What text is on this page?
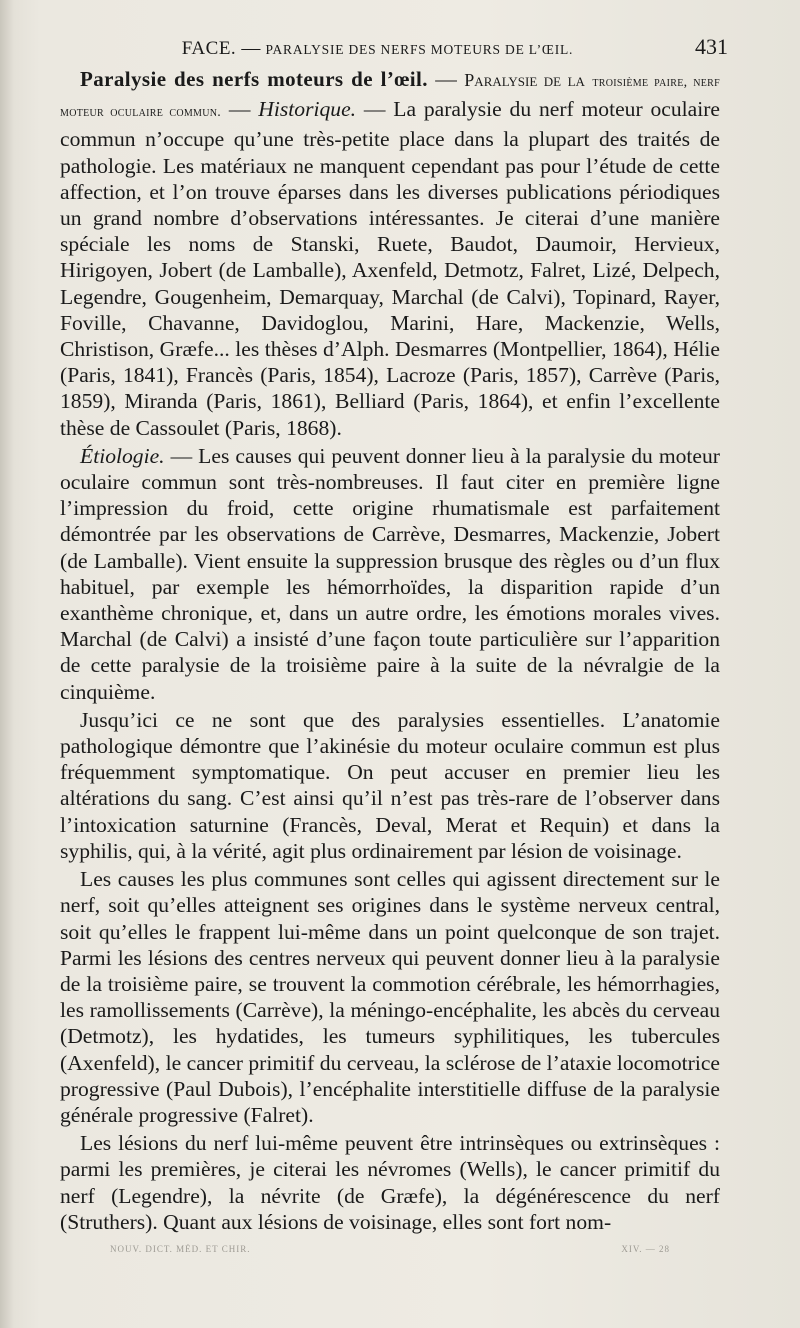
FACE. — PARALYSIE DES NERFS MOTEURS DE L’ŒIL.	431

Paralysie des nerfs moteurs de l’œil. — Paralysie de la troisième paire, nerf moteur oculaire commun. — Historique. — La paralysie du nerf moteur oculaire commun n’occupe qu’une très-petite place dans la plupart des traités de pathologie. Les matériaux ne manquent cependant pas pour l’étude de cette affection, et l’on trouve éparses dans les diverses publications périodiques un grand nombre d’observations intéressantes. Je citerai d’une manière spéciale les noms de Stanski, Ruete, Baudot, Daumoir, Hervieux, Hirigoyen, Jobert (de Lamballe), Axenfeld, Detmotz, Falret, Lizé, Delpech, Legendre, Gougenheim, Demarquay, Marchal (de Calvi), Topinard, Rayer, Foville, Chavanne, Davidoglou, Marini, Hare, Mackenzie, Wells, Christison, Græfe... les thèses d’Alph. Desmarres (Montpellier, 1864), Hélie (Paris, 1841), Francès (Paris, 1854), Lacroze (Paris, 1857), Carrève (Paris, 1859), Miranda (Paris, 1861), Belliard (Paris, 1864), et enfin l’excellente thèse de Cassoulet (Paris, 1868).

Étiologie. — Les causes qui peuvent donner lieu à la paralysie du moteur oculaire commun sont très-nombreuses. Il faut citer en première ligne l’impression du froid, cette origine rhumatismale est parfaitement démontrée par les observations de Carrève, Desmarres, Mackenzie, Jobert (de Lamballe). Vient ensuite la suppression brusque des règles ou d’un flux habituel, par exemple les hémorrhoïdes, la disparition rapide d’un exanthème chronique, et, dans un autre ordre, les émotions morales vives. Marchal (de Calvi) a insisté d’une façon toute particulière sur l’apparition de cette paralysie de la troisième paire à la suite de la névralgie de la cinquième.

Jusqu’ici ce ne sont que des paralysies essentielles. L’anatomie pathologique démontre que l’akinésie du moteur oculaire commun est plus fréquemment symptomatique. On peut accuser en premier lieu les altérations du sang. C’est ainsi qu’il n’est pas très-rare de l’observer dans l’intoxication saturnine (Francès, Deval, Merat et Requin) et dans la syphilis, qui, à la vérité, agit plus ordinairement par lésion de voisinage.

Les causes les plus communes sont celles qui agissent directement sur le nerf, soit qu’elles atteignent ses origines dans le système nerveux central, soit qu’elles le frappent lui-même dans un point quelconque de son trajet. Parmi les lésions des centres nerveux qui peuvent donner lieu à la paralysie de la troisième paire, se trouvent la commotion cérébrale, les hémorrhagies, les ramollissements (Carrève), la méningo-encéphalite, les abcès du cerveau (Detmotz), les hydatides, les tumeurs syphilitiques, les tubercules (Axenfeld), le cancer primitif du cerveau, la sclérose de l’ataxie locomotrice progressive (Paul Dubois), l’encéphalite interstitielle diffuse de la paralysie générale progressive (Falret).

Les lésions du nerf lui-même peuvent être intrinsèques ou extrinsèques : parmi les premières, je citerai les névromes (Wells), le cancer primitif du nerf (Legendre), la névrite (de Græfe), la dégénérescence du nerf (Struthers). Quant aux lésions de voisinage, elles sont fort nom-

NOUV. DICT. MÉD. ET CHIR.	XIV. — 28
